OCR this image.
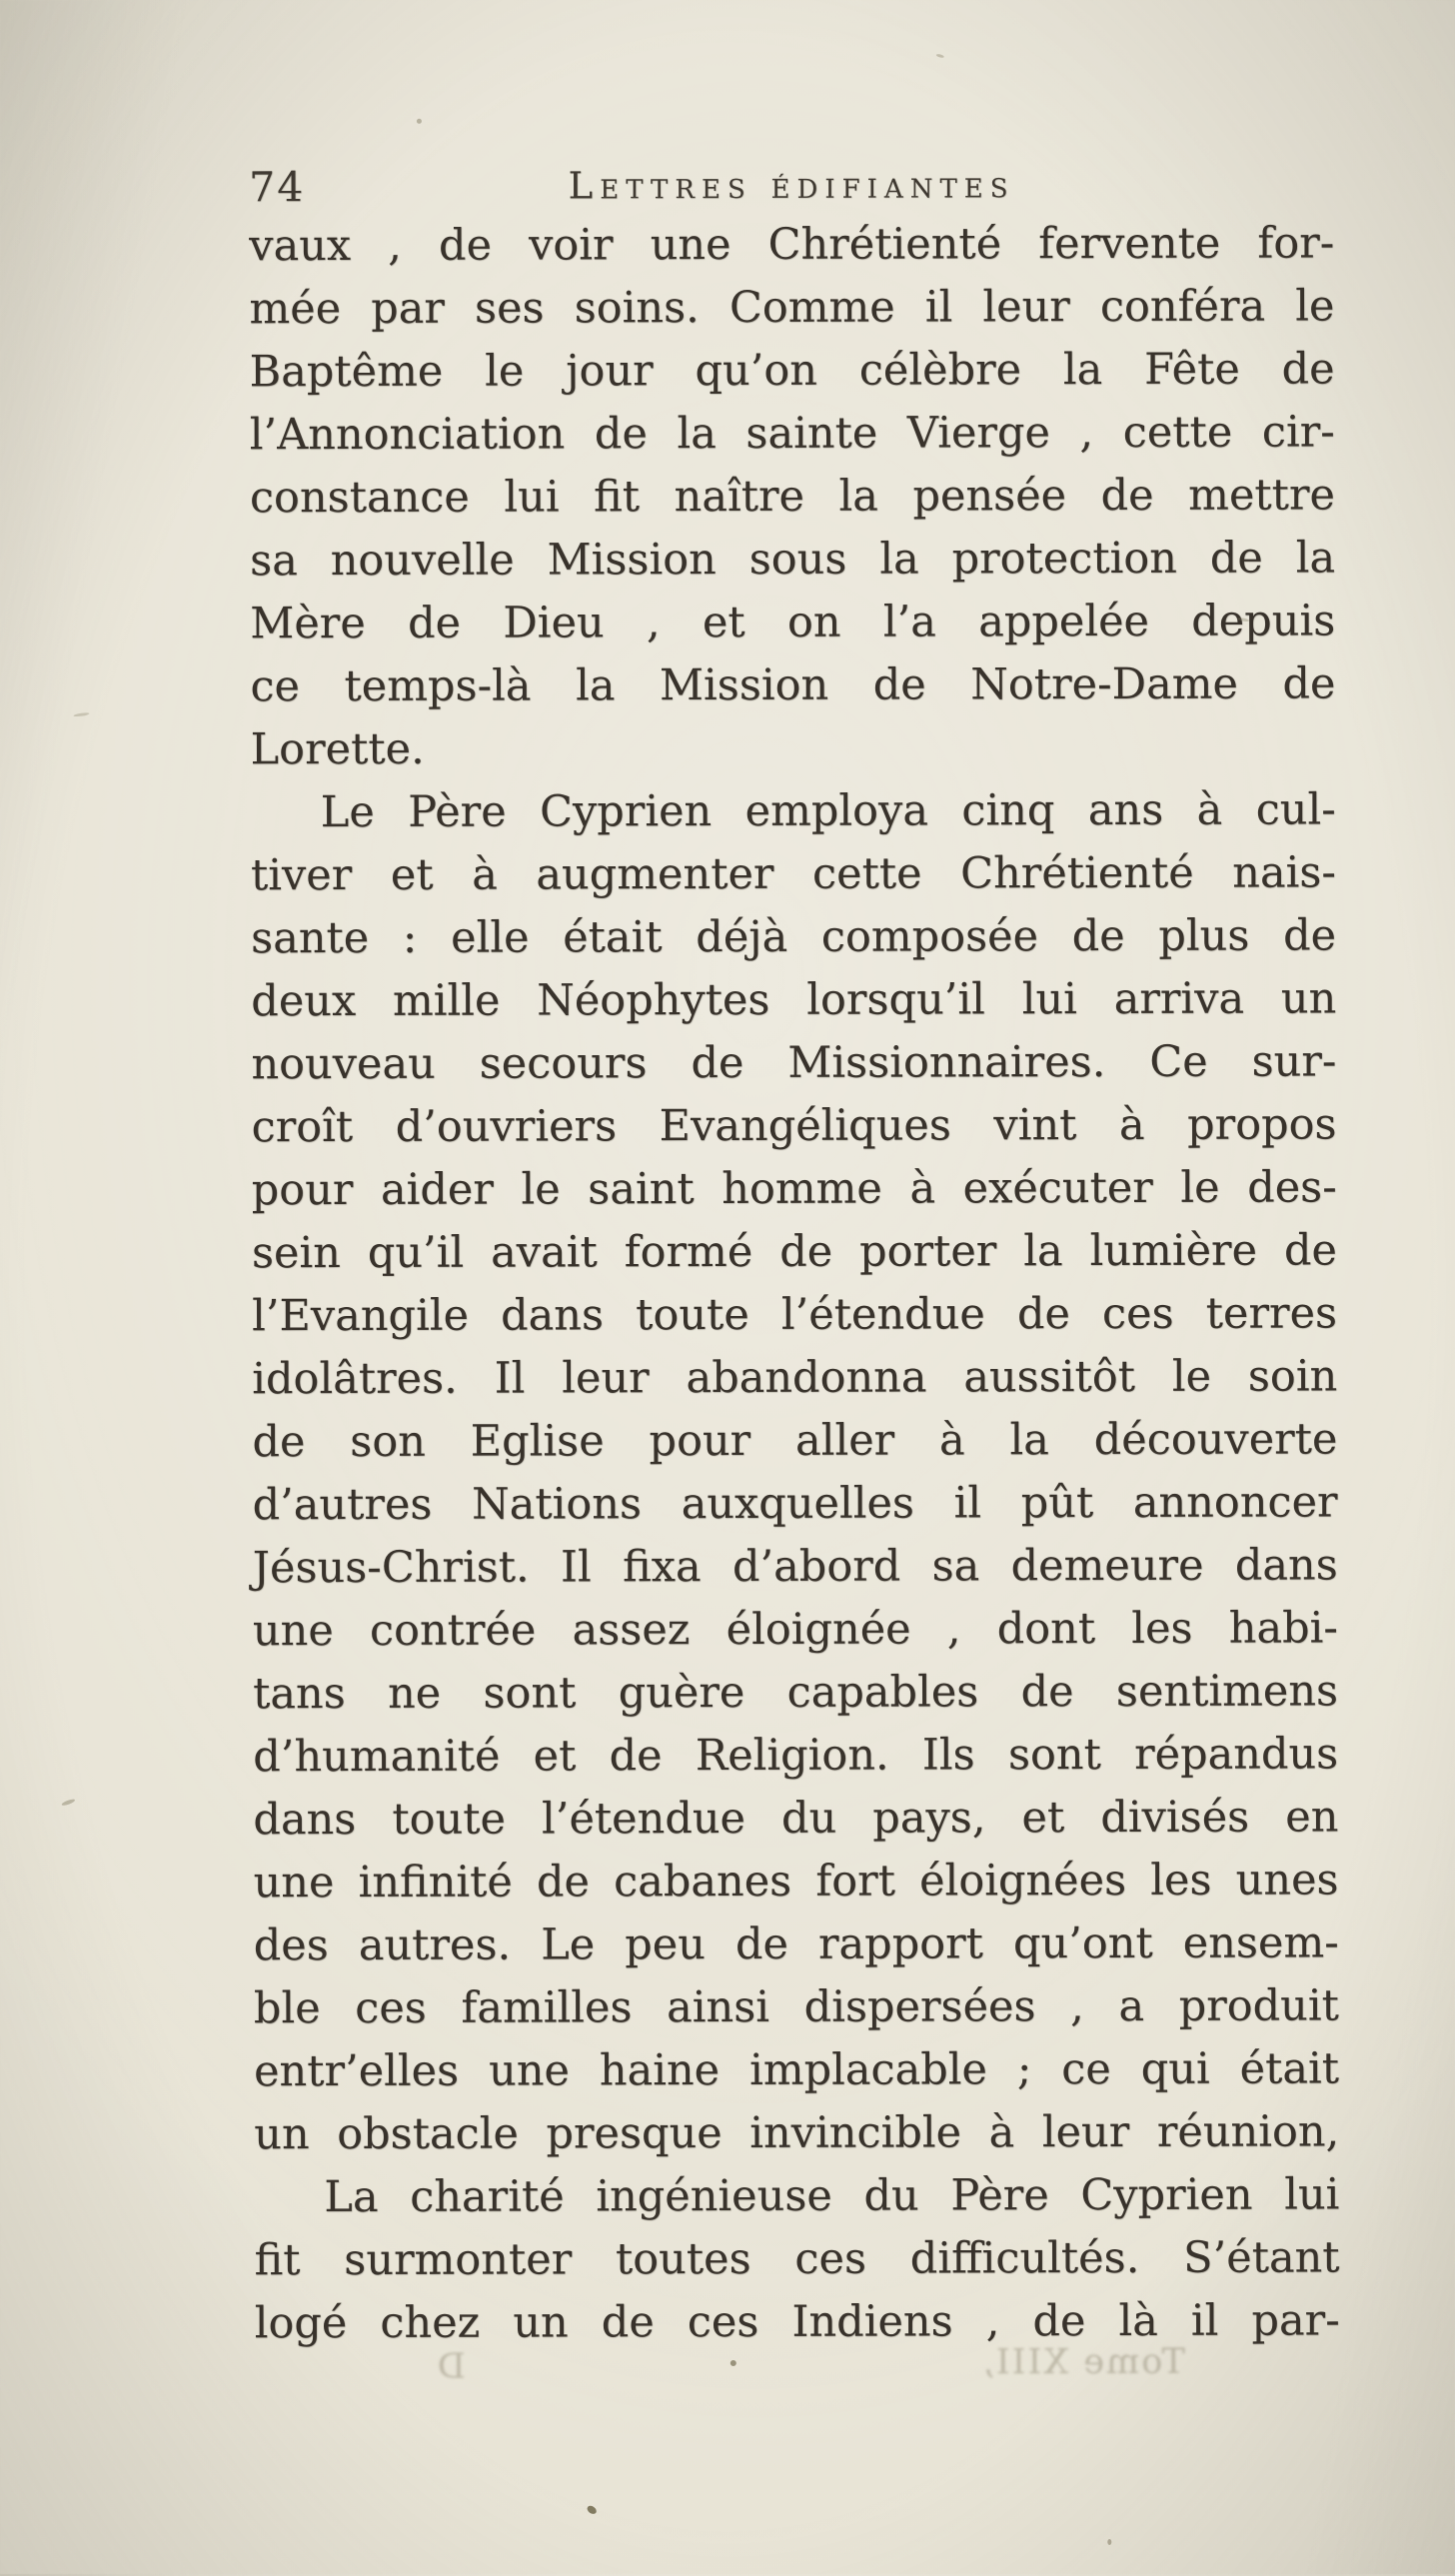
74	Lettres édifiantes
vaux , de voir une Chrétienté fervente for-
mée par ses soins. Comme il leur conféra le
Baptême le jour qu’on célèbre la Fête de
l’Annonciation de la sainte Vierge , cette cir-
constance lui fit naître la pensée de mettre
sa nouvelle Mission sous la protection de la
Mère de Dieu , et on l’a appelée depuis
ce temps-là la Mission de Notre-Dame de
Lorette.
Le Père Cyprien employa cinq ans à cul-
tiver et à augmenter cette Chrétienté nais-
sante : elle était déjà composée de plus de
deux mille Néophytes lorsqu’il lui arriva un
nouveau secours de Missionnaires. Ce sur-
croît d’ouvriers Evangéliques vint à propos
pour aider le saint homme à exécuter le des-
sein qu’il avait formé de porter la lumière de
l’Evangile dans toute l’étendue de ces terres
idolâtres. Il leur abandonna aussitôt le soin
de son Eglise pour aller à la découverte
d’autres Nations auxquelles il pût annoncer
Jésus-Christ. Il fixa d’abord sa demeure dans
une contrée assez éloignée , dont les habi-
tans ne sont guère capables de sentimens
d’humanité et de Religion. Ils sont répandus
dans toute l’étendue du pays, et divisés en
une infinité de cabanes fort éloignées les unes
des autres. Le peu de rapport qu’ont ensem-
ble ces familles ainsi dispersées , a produit
entr’elles une haine implacable ; ce qui était
un obstacle presque invincible à leur réunion,
La charité ingénieuse du Père Cyprien lui
fit surmonter toutes ces difficultés. S’étant
logé chez un de ces Indiens , de là il par-
Tome XIII,
D
